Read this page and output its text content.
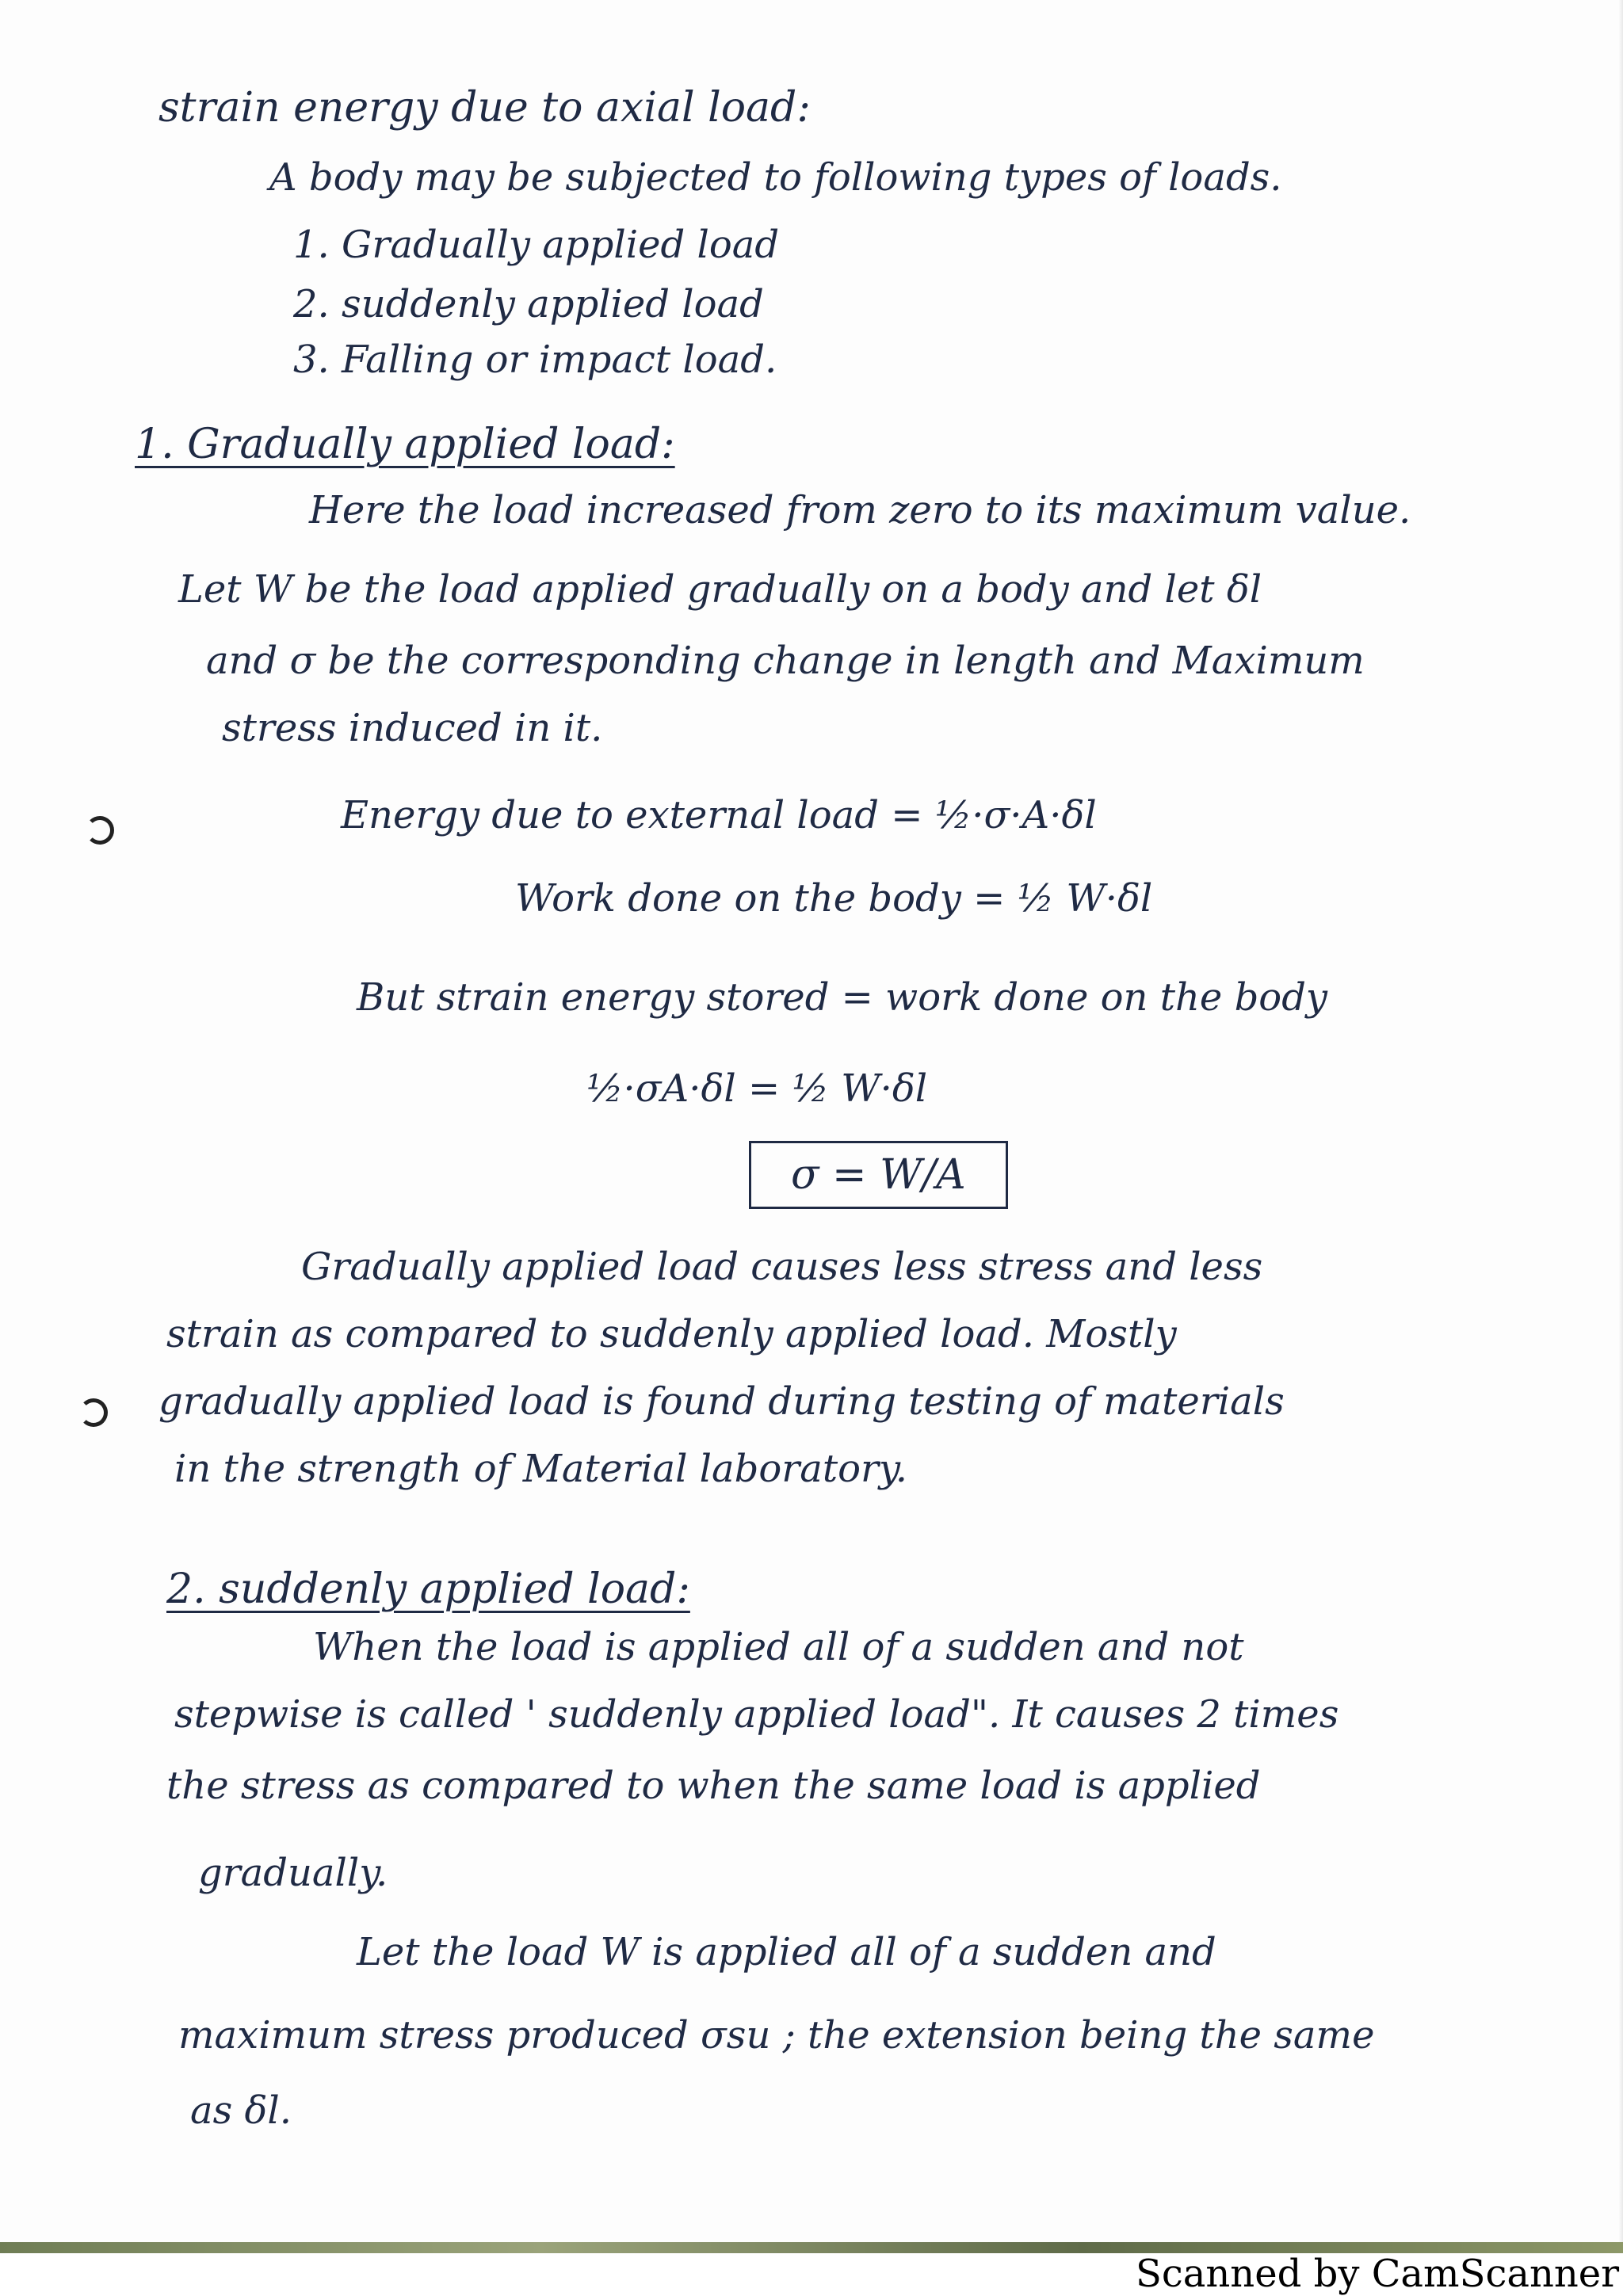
strain energy due to axial load:
A body may be subjected to following types of loads.
1. Gradually applied load
2. suddenly applied load
3. Falling or impact load.
1. Gradually applied load:
Here the load increased from zero to its maximum value.
Let W be the load applied gradually on a body and let δl
and σ be the corresponding change in length and Maximum
stress induced in it.
Energy due to external load = ½·σ·A·δl
Work done on the body = ½ W·δl
But strain energy stored = work done on the body
½·σA·δl = ½ W·δl
σ = W/A
Gradually applied load causes less stress and less
strain as compared to suddenly applied load. Mostly
gradually applied load is found during testing of materials
in the strength of Material laboratory.
2. suddenly applied load:
When the load is applied all of a sudden and not
stepwise is called ' suddenly applied load". It causes 2 times
the stress as compared to when the same load is applied
gradually.
Let the load W is applied all of a sudden and
maximum stress produced σsu ; the extension being the same
as δl.
Scanned by CamScanner
